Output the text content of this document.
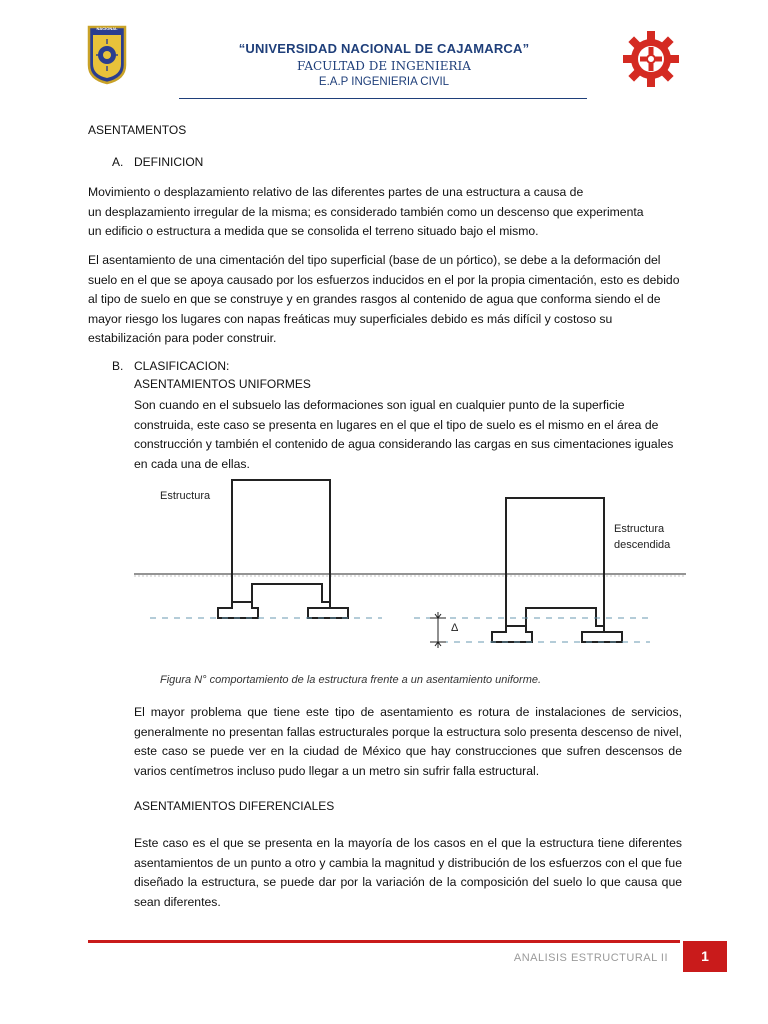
NACIONAL
“UNIVERSIDAD NACIONAL DE CAJAMARCA”
FACULTAD DE INGENIERIA
E.A.P INGENIERIA CIVIL
ASENTAMENTOS
A. DEFINICION
Movimiento o desplazamiento relativo de las diferentes partes de una estructura a causa de
un desplazamiento irregular de la misma; es considerado también como un descenso que experimenta
un edificio o estructura a medida que se consolida el terreno situado bajo el mismo.
El asentamiento de una cimentación del tipo superficial (base de un pórtico), se debe a la deformación del suelo en el que se apoya causado por los esfuerzos inducidos en el por la propia cimentación, esto es debido al tipo de suelo en que se construye y en grandes rasgos al contenido de agua que conforma siendo el de mayor riesgo los lugares con napas freáticas muy superficiales debido es más difícil y costoso su estabilización para poder construir.
B. CLASIFICACION:
ASENTAMIENTOS UNIFORMES
Son cuando en el subsuelo las deformaciones son igual en cualquier punto de la superficie construida, este caso se presenta en lugares en el que el tipo de suelo es el mismo en el área de construcción y también el contenido de agua considerando las cargas en sus cimentaciones iguales en cada una de ellas.
Estructura
Estructura
descendida
Δ
Figura N° comportamiento de la estructura frente a un asentamiento uniforme.
El mayor problema que tiene este tipo de asentamiento es rotura de instalaciones de servicios, generalmente no presentan fallas estructurales porque la estructura solo presenta descenso de nivel, este caso se puede ver en la ciudad de México que hay construcciones que sufren descensos de varios centímetros incluso pudo llegar a un metro sin sufrir falla estructural.
ASENTAMIENTOS DIFERENCIALES
Este caso es el que se presenta en la mayoría de los casos en el que la estructura tiene diferentes asentamientos de un punto a otro y cambia la magnitud y distribución de los esfuerzos con el que fue diseñado la estructura, se puede dar por la variación de la composición del suelo lo que causa que sean diferentes.
ANALISIS ESTRUCTURAL II	1
